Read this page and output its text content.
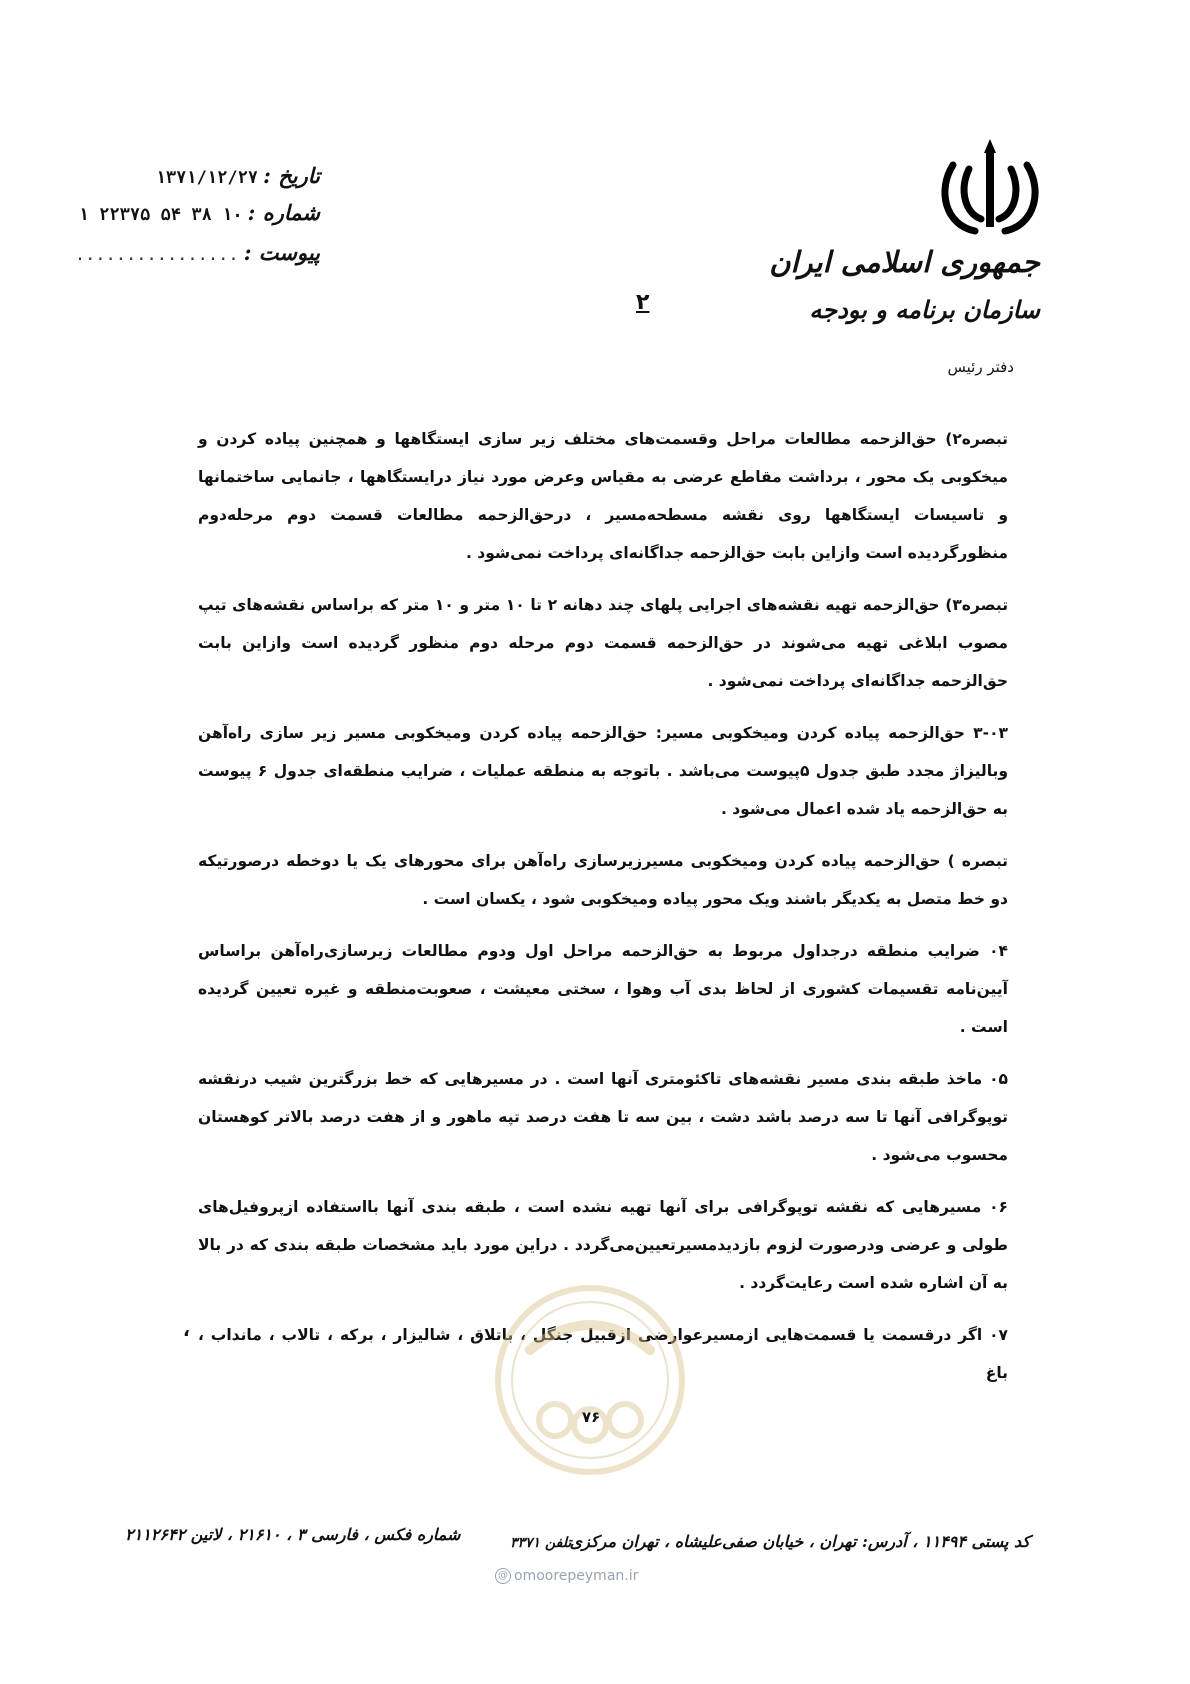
جمهوری اسلامی ایران
سازمان برنامه و بودجه
دفتر رئیس
تاریخ : ۱۳۷۱/۱۲/۲۷
شماره : ۱۰ ۳۸ ۵۴ ۲۲۳۷۵ ۱
پیوست : ................
۲

تبصره۲) حق‌الزحمه مطالعات مراحل وقسمت‌های مختلف زیر سازی ایستگاهها و همچنین پیاده کردن و میخکوبی یک محور ، برداشت مقاطع عرضی به مقیاس وعرض مورد نیاز درایستگاهها ، جانمایی ساختمانها و تاسیسات ایستگاهها روی نقشه مسطحه‌مسیر ، درحق‌الزحمه مطالعات قسمت دوم مرحله‌دوم منظورگردیده است وازاین بابت حق‌الزحمه جداگانه‌ای پرداخت نمی‌شود .

تبصره۳) حق‌الزحمه تهیه نقشه‌های اجرایی پلهای چند دهانه ۲ تا ۱۰ متر و ۱۰ متر که براساس نقشه‌های تیپ مصوب ابلاغی تهیه می‌شوند در حق‌الزحمه قسمت دوم مرحله دوم منظور گردیده است وازاین بابت حق‌الزحمه جداگانه‌ای پرداخت نمی‌شود .

۳-۰۳ حق‌الزحمه پیاده کردن ومیخکوبی مسیر: حق‌الزحمه پیاده کردن ومیخکوبی مسیر زیر سازی راه‌آهن وبالیزاژ مجدد طبق جدول ۵پیوست می‌باشد . باتوجه به منطقه عملیات ، ضرایب منطقه‌ای جدول ۶ پیوست به حق‌الزحمه یاد شده اعمال می‌شود .

تبصره ) حق‌الزحمه پیاده کردن ومیخکوبی مسیرزیرسازی راه‌آهن برای محورهای یک یا دوخطه درصورتیکه دو خط متصل به یکدیگر باشند ویک محور پیاده ومیخکوبی شود ، یکسان است .

۰۴ ضرایب منطقه درجداول مربوط به حق‌الزحمه مراحل اول ودوم مطالعات زیرسازی‌راه‌آهن براساس آیین‌نامه تقسیمات کشوری از لحاظ بدی آب وهوا ، سختی معیشت ، صعوبت‌منطقه و غیره تعیین گردیده است .

۰۵ ماخذ طبقه بندی مسیر نقشه‌های تاکئومتری آنها است . در مسیرهایی که خط بزرگترین شیب درنقشه توپوگرافی آنها تا سه درصد باشد دشت ، بین سه تا هفت درصد تپه ماهور و از هفت درصد بالاتر کوهستان محسوب می‌شود .

۰۶ مسیرهایی که نقشه توپوگرافی برای آنها تهیه نشده است ، طبقه بندی آنها بااستفاده ازپروفیل‌های طولی و عرضی ودرصورت لزوم بازدیدمسیرتعیین‌می‌گردد . دراین مورد باید مشخصات طبقه بندی که در بالا به آن اشاره شده است رعایت‌گردد .

۰۷ اگر درقسمت یا قسمت‌هایی ازمسیرعوارضی ازقبیل جنگل ، باتلاق ، شالیزار ، برکه ، تالاب ، مانداب ، باغ

،
۷۶
کد پستی ۱۱۴۹۴ ، آدرس: تهران ، خیابان صفی‌علیشاه ، تهران مرکزی
تلفن ۳۳۷۱
شماره فکس ، فارسی ۳ ، ۲۱۶۱۰ ، لاتین ۲۱۱۲۶۴۲
@ omoorepeyman.ir
